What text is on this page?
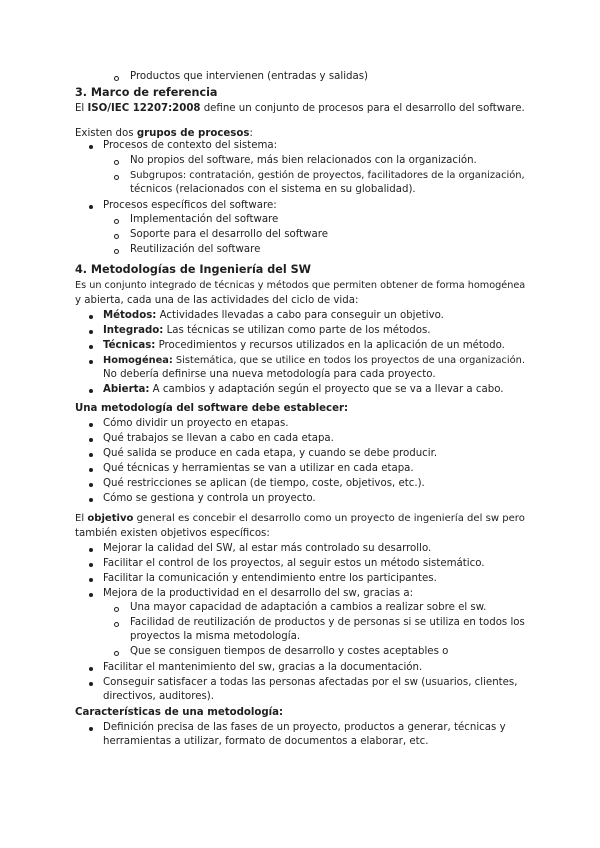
Productos que intervienen (entradas y salidas)
3. Marco de referencia
El ISO/IEC 12207:2008 define un conjunto de procesos para el desarrollo del software.
Existen dos grupos de procesos:
Procesos de contexto del sistema:
No propios del software, más bien relacionados con la organización.
Subgrupos: contratación, gestión de proyectos, facilitadores de la organización,
técnicos (relacionados con el sistema en su globalidad).
Procesos específicos del software:
Implementación del software
Soporte para el desarrollo del software
Reutilización del software
4. Metodologías de Ingeniería del SW
Es un conjunto integrado de técnicas y métodos que permiten obtener de forma homogénea
y abierta, cada una de las actividades del ciclo de vida:
Métodos: Actividades llevadas a cabo para conseguir un objetivo.
Integrado: Las técnicas se utilizan como parte de los métodos.
Técnicas: Procedimientos y recursos utilizados en la aplicación de un método.
Homogénea: Sistemática, que se utilice en todos los proyectos de una organización.
No debería definirse una nueva metodología para cada proyecto.
Abierta: A cambios y adaptación según el proyecto que se va a llevar a cabo.
Una metodología del software debe establecer:
Cómo dividir un proyecto en etapas.
Qué trabajos se llevan a cabo en cada etapa.
Qué salida se produce en cada etapa, y cuando se debe producir.
Qué técnicas y herramientas se van a utilizar en cada etapa.
Qué restricciones se aplican (de tiempo, coste, objetivos, etc.).
Cómo se gestiona y controla un proyecto.
El objetivo general es concebir el desarrollo como un proyecto de ingeniería del sw pero
también existen objetivos específicos:
Mejorar la calidad del SW, al estar más controlado su desarrollo.
Facilitar el control de los proyectos, al seguir estos un método sistemático.
Facilitar la comunicación y entendimiento entre los participantes.
Mejora de la productividad en el desarrollo del sw, gracias a:
Una mayor capacidad de adaptación a cambios a realizar sobre el sw.
Facilidad de reutilización de productos y de personas si se utiliza en todos los
proyectos la misma metodología.
Que se consiguen tiempos de desarrollo y costes aceptables o
Facilitar el mantenimiento del sw, gracias a la documentación.
Conseguir satisfacer a todas las personas afectadas por el sw (usuarios, clientes,
directivos, auditores).
Características de una metodología:
Definición precisa de las fases de un proyecto, productos a generar, técnicas y
herramientas a utilizar, formato de documentos a elaborar, etc.
